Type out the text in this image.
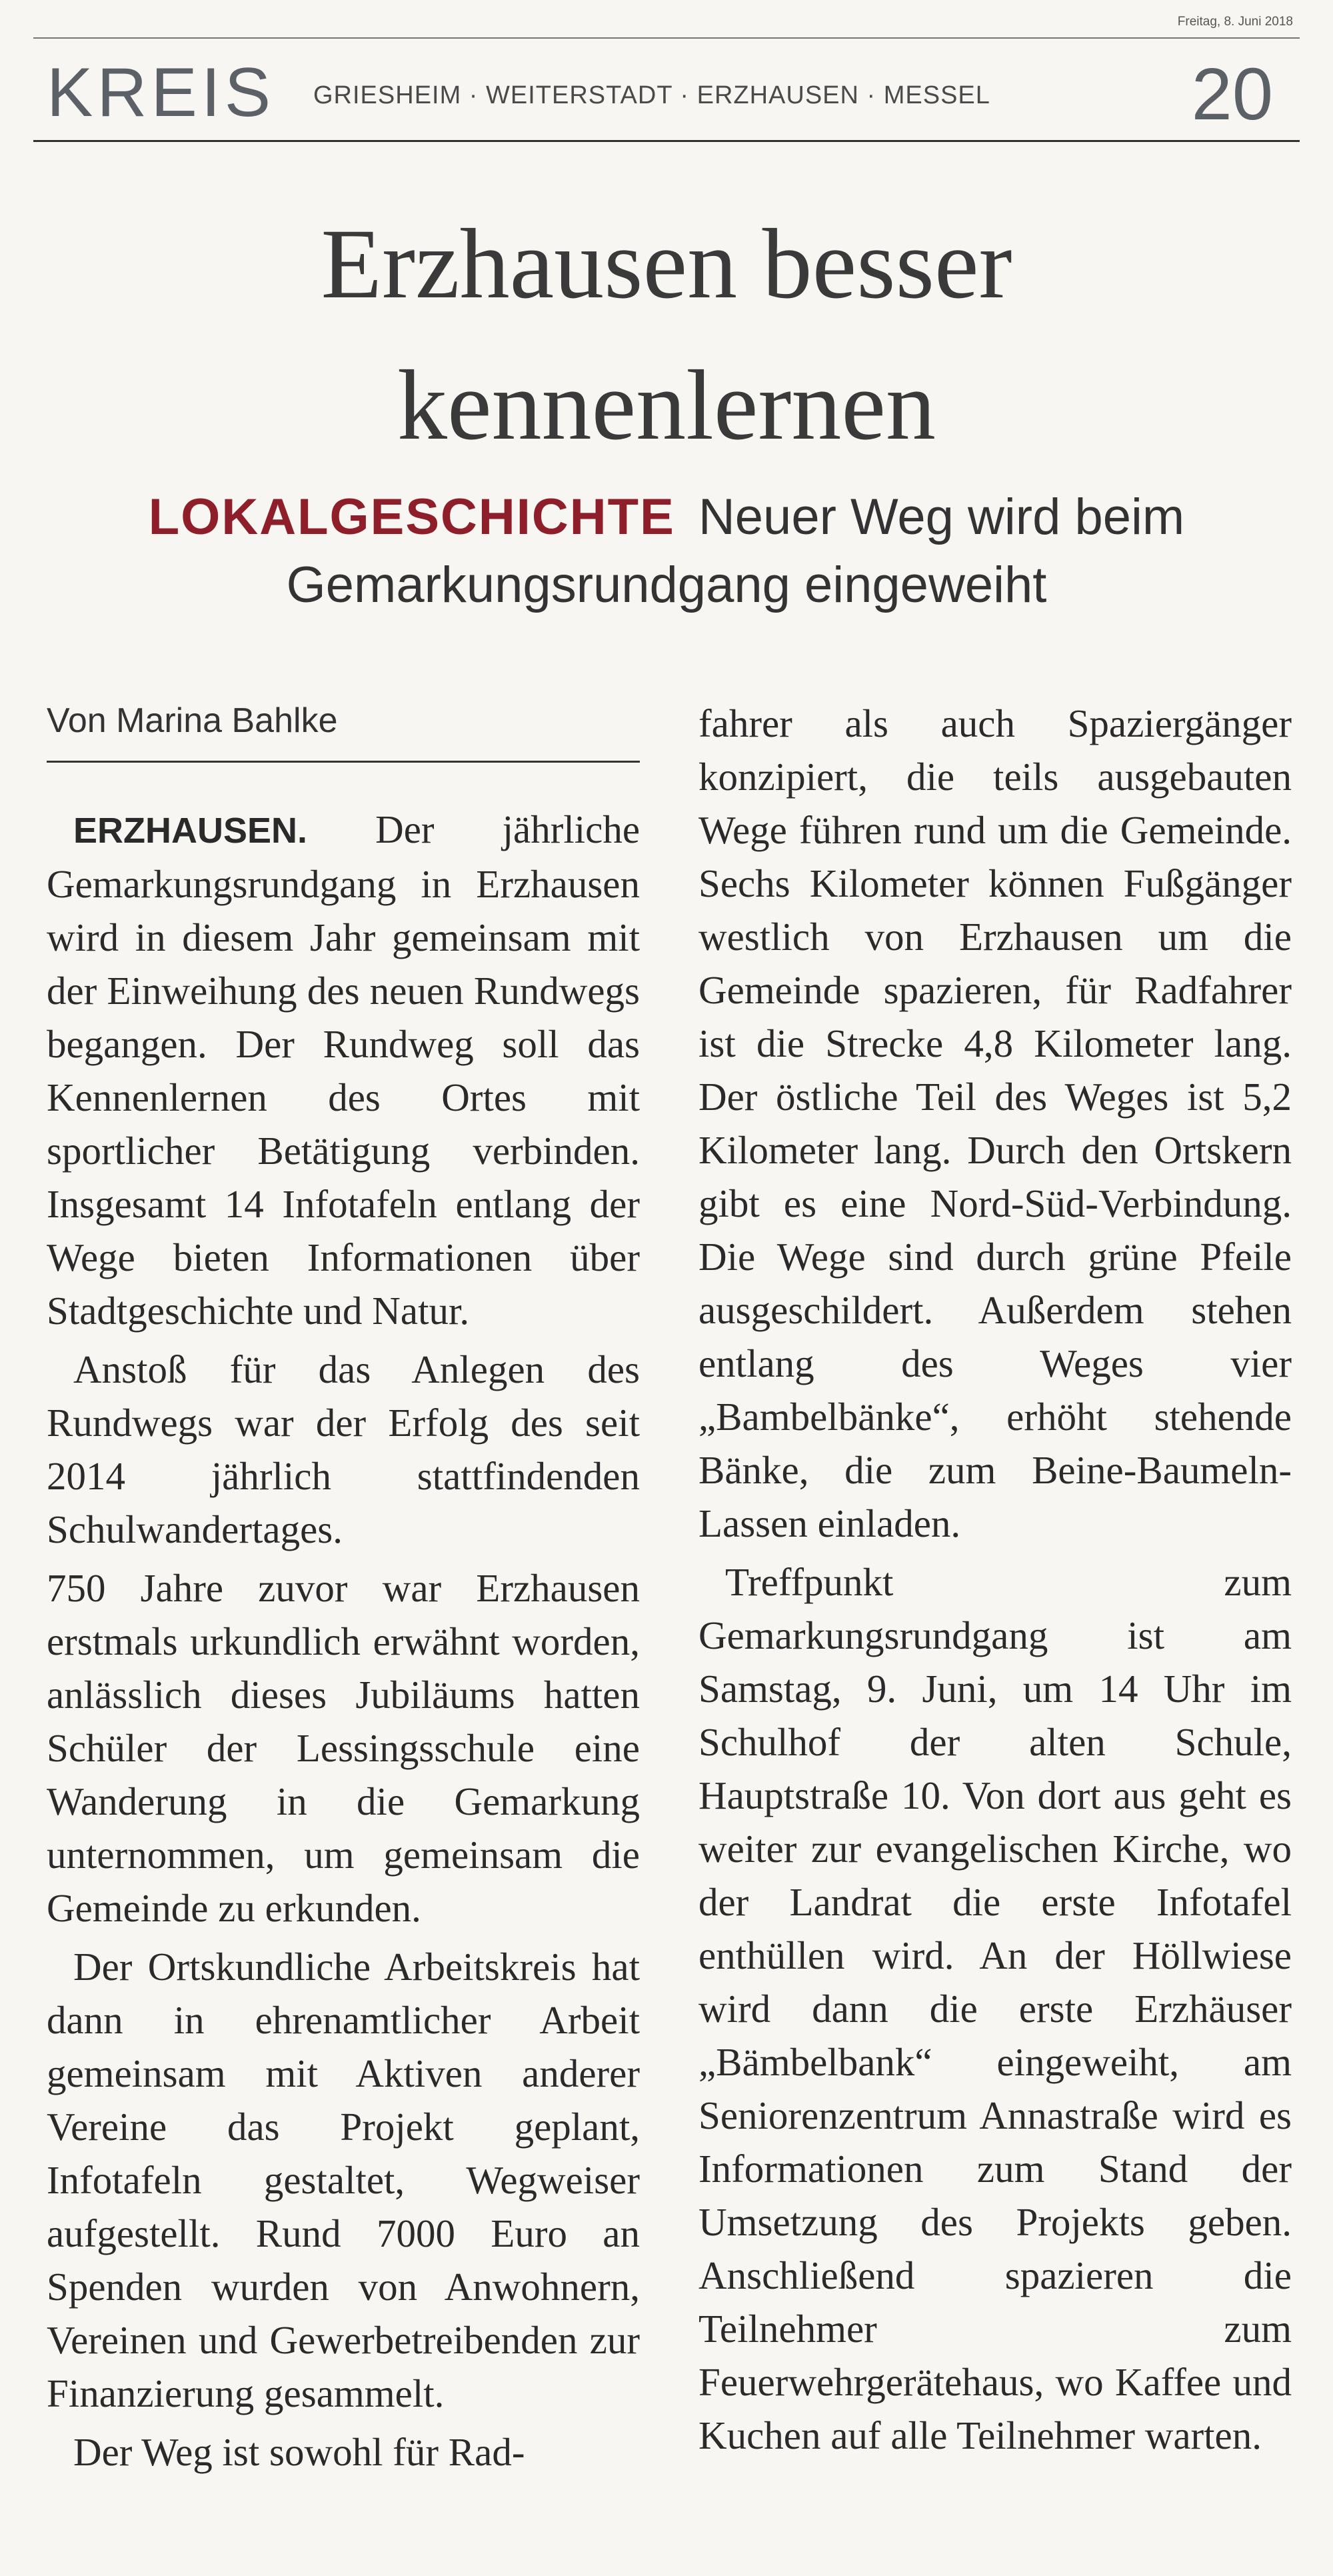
Freitag, 8. Juni 2018
KREIS GRIESHEIM · WEITERSTADT · ERZHAUSEN · MESSEL	20
Erzhausen besser
kennenlernen
LOKALGESCHICHTE Neuer Weg wird beim Gemarkungsrundgang eingeweiht
Von Marina Bahlke

ERZHAUSEN. Der jährliche Gemarkungsrundgang in Erzhausen wird in diesem Jahr gemeinsam mit der Einweihung des neuen Rundwegs begangen. Der Rundweg soll das Kennenlernen des Ortes mit sportlicher Betätigung verbinden. Insgesamt 14 Infotafeln entlang der Wege bieten Informationen über Stadtgeschichte und Natur.

Anstoß für das Anlegen des Rundwegs war der Erfolg des seit 2014 jährlich stattfindenden Schulwandertages.

750 Jahre zuvor war Erzhausen erstmals urkundlich erwähnt worden, anlässlich dieses Jubiläums hatten Schüler der Lessingsschule eine Wanderung in die Gemarkung unternommen, um gemeinsam die Gemeinde zu erkunden.

Der Ortskundliche Arbeitskreis hat dann in ehrenamtlicher Arbeit gemeinsam mit Aktiven anderer Vereine das Projekt geplant, Infotafeln gestaltet, Wegweiser aufgestellt. Rund 7000 Euro an Spenden wurden von Anwohnern, Vereinen und Gewerbetreibenden zur Finanzierung gesammelt.

Der Weg ist sowohl für Rad-

fahrer als auch Spaziergänger konzipiert, die teils ausgebauten Wege führen rund um die Gemeinde. Sechs Kilometer können Fußgänger westlich von Erzhausen um die Gemeinde spazieren, für Radfahrer ist die Strecke 4,8 Kilometer lang. Der östliche Teil des Weges ist 5,2 Kilometer lang. Durch den Ortskern gibt es eine Nord-Süd-Verbindung. Die Wege sind durch grüne Pfeile ausgeschildert. Außerdem stehen entlang des Weges vier „Bambelbänke“, erhöht stehende Bänke, die zum Beine-Baumeln-Lassen einladen.

Treffpunkt zum Gemarkungsrundgang ist am Samstag, 9. Juni, um 14 Uhr im Schulhof der alten Schule, Hauptstraße 10. Von dort aus geht es weiter zur evangelischen Kirche, wo der Landrat die erste Infotafel enthüllen wird. An der Höllwiese wird dann die erste Erzhäuser „Bämbelbank“ eingeweiht, am Seniorenzentrum Annastraße wird es Informationen zum Stand der Umsetzung des Projekts geben. Anschließend spazieren die Teilnehmer zum Feuerwehrgerätehaus, wo Kaffee und Kuchen auf alle Teilnehmer warten.
